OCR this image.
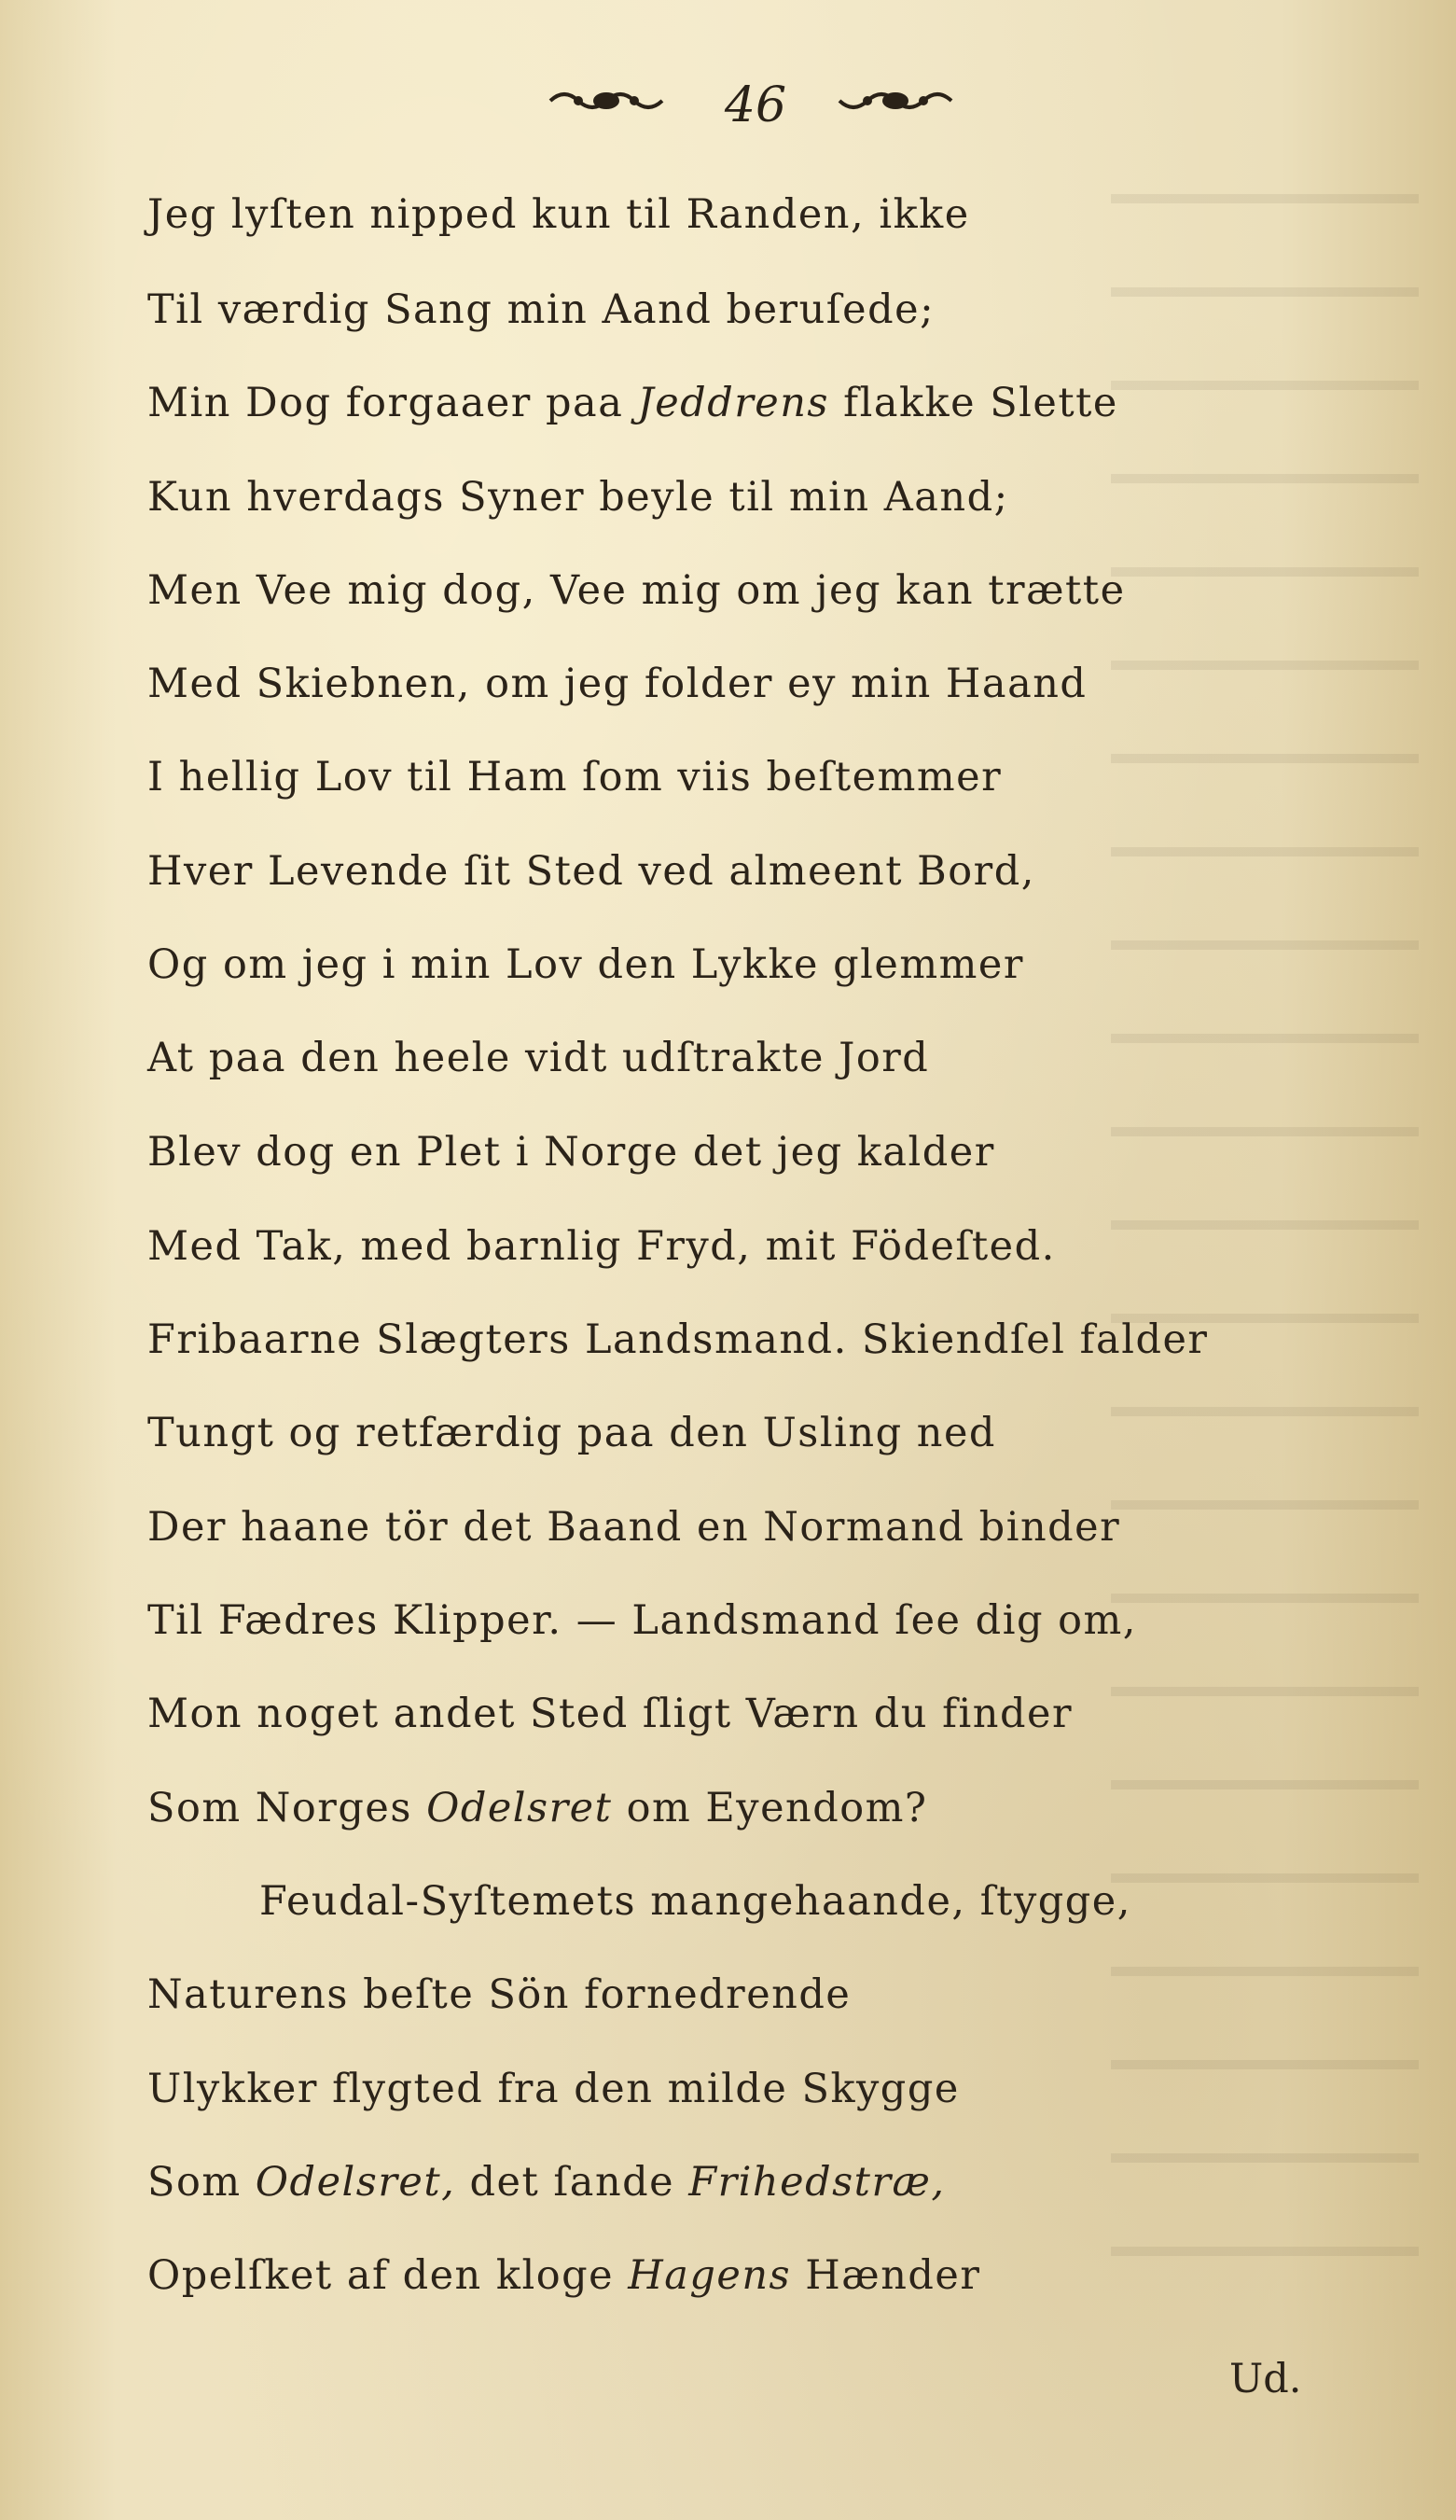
46
Jeg lyſten nipped kun til Randen, ikke
Til værdig Sang min Aand beruſede;
Min Dog forgaaer paa Jeddrens flakke Slette
Kun hverdags Syner beyle til min Aand;
Men Vee mig dog, Vee mig om jeg kan trætte
Med Skiebnen, om jeg folder ey min Haand
I hellig Lov til Ham ſom viis beſtemmer
Hver Levende ſit Sted ved almeent Bord,
Og om jeg i min Lov den Lykke glemmer
At paa den heele vidt udſtrakte Jord
Blev dog en Plet i Norge det jeg kalder
Med Tak, med barnlig Fryd, mit Födeſted.
Fribaarne Slægters Landsmand. Skiendſel falder
Tungt og retfærdig paa den Usling ned
Der haane tör det Baand en Normand binder
Til Fædres Klipper. — Landsmand ſee dig om,
Mon noget andet Sted ſligt Værn du finder
Som Norges Odelsret om Eyendom?
Feudal-Syſtemets mangehaande, ſtygge,
Naturens beſte Sön fornedrende
Ulykker flygted fra den milde Skygge
Som Odelsret, det ſande Frihedstræ,
Opelſket af den kloge Hagens Hænder
Ud.
